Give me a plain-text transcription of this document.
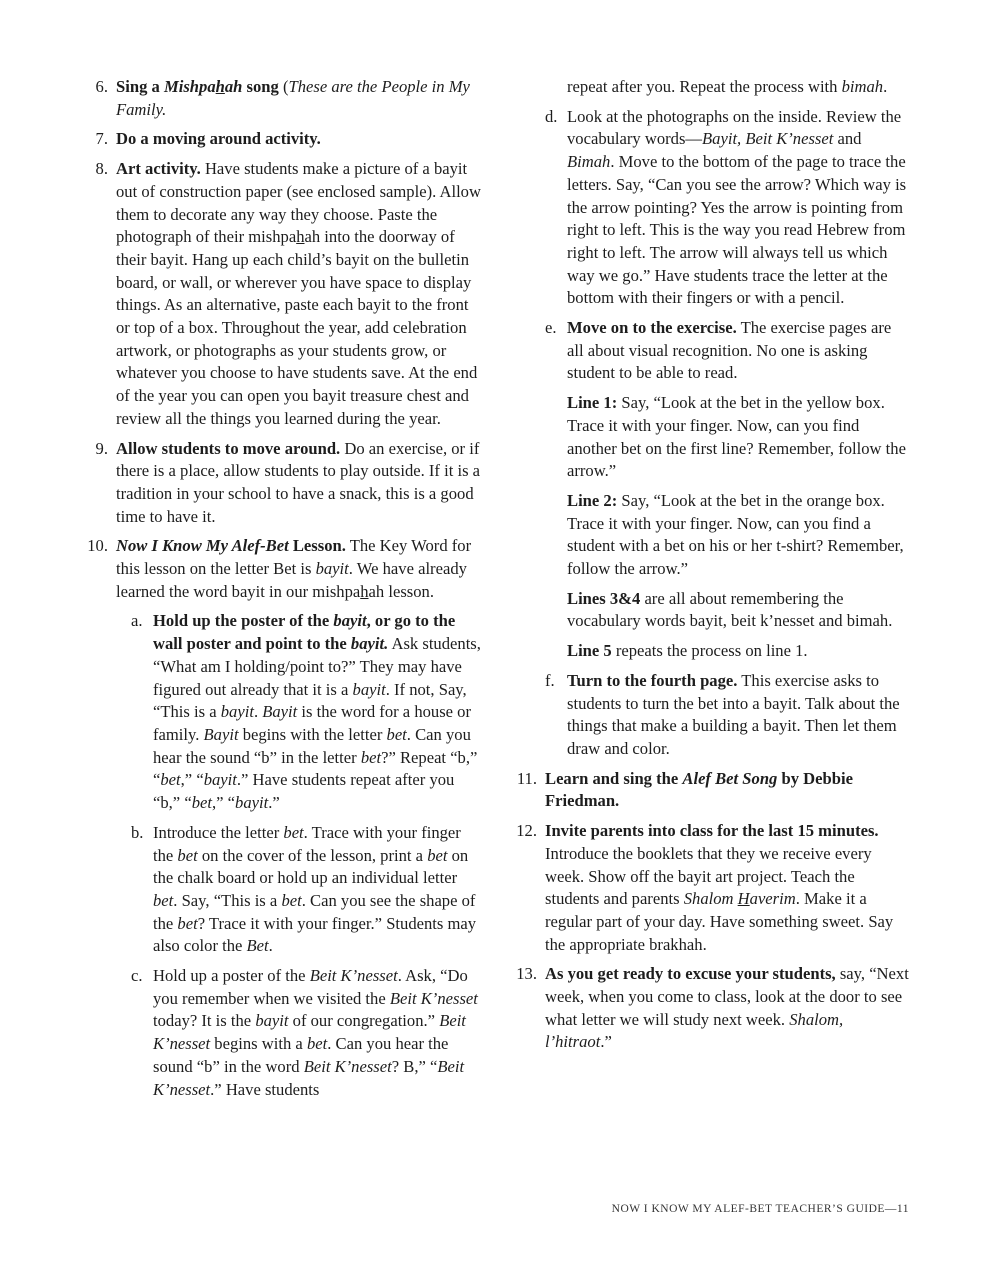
6. Sing a Mishpahah song (These are the People in My Family.
7. Do a moving around activity.
8. Art activity. Have students make a picture of a bayit out of construction paper (see enclosed sample). Allow them to decorate any way they choose. Paste the photograph of their mishpahah into the doorway of their bayit. Hang up each child’s bayit on the bulletin board, or wall, or wherever you have space to display things. As an alternative, paste each bayit to the front or top of a box. Throughout the year, add celebration artwork, or photographs as your students grow, or whatever you choose to have students save. At the end of the year you can open you bayit treasure chest and review all the things you learned during the year.
9. Allow students to move around. Do an exercise, or if there is a place, allow students to play outside. If it is a tradition in your school to have a snack, this is a good time to have it.
10. Now I Know My Alef-Bet Lesson. The Key Word for this lesson on the letter Bet is bayit. We have already learned the word bayit in our mishpahah lesson.
a. Hold up the poster of the bayit, or go to the wall poster and point to the bayit. Ask students, “What am I holding/point to?” They may have figured out already that it is a bayit. If not, Say, “This is a bayit. Bayit is the word for a house or family. Bayit begins with the letter bet. Can you hear the sound “b” in the letter bet?” Repeat “b,” “bet,” “bayit.” Have students repeat after you “b,” “bet,” “bayit.”
b. Introduce the letter bet. Trace with your finger the bet on the cover of the lesson, print a bet on the chalk board or hold up an individual letter bet. Say, “This is a bet. Can you see the shape of the bet? Trace it with your finger.” Students may also color the Bet.
c. Hold up a poster of the Beit K’nesset. Ask, “Do you remember when we visited the Beit K’nesset today? It is the bayit of our congregation.” Beit K’nesset begins with a bet. Can you hear the sound “b” in the word Beit K’nesset? B,” “Beit K’nesset.” Have students
repeat after you. Repeat the process with bimah.
d. Look at the photographs on the inside. Review the vocabulary words—Bayit, Beit K’nesset and Bimah. Move to the bottom of the page to trace the letters. Say, “Can you see the arrow? Which way is the arrow pointing? Yes the arrow is pointing from right to left. This is the way you read Hebrew from right to left. The arrow will always tell us which way we go.” Have students trace the letter at the bottom with their fingers or with a pencil.
e. Move on to the exercise. The exercise pages are all about visual recognition. No one is asking student to be able to read.
Line 1: Say, “Look at the bet in the yellow box. Trace it with your finger. Now, can you find another bet on the first line? Remember, follow the arrow.”
Line 2: Say, “Look at the bet in the orange box. Trace it with your finger. Now, can you find a student with a bet on his or her t-shirt? Remember, follow the arrow.”
Lines 3&4 are all about remembering the vocabulary words bayit, beit k’nesset and bimah.
Line 5 repeats the process on line 1.
f. Turn to the fourth page. This exercise asks to students to turn the bet into a bayit. Talk about the things that make a building a bayit. Then let them draw and color.
11. Learn and sing the Alef Bet Song by Debbie Friedman.
12. Invite parents into class for the last 15 minutes. Introduce the booklets that they we receive every week. Show off the bayit art project. Teach the students and parents Shalom Haverim. Make it a regular part of your day. Have something sweet. Say the appropriate brakhah.
13. As you get ready to excuse your students, say, “Next week, when you come to class, look at the door to see what letter we will study next week. Shalom, l’hitraot.”
NOW I KNOW MY ALEF-BET TEACHER’S GUIDE—11
